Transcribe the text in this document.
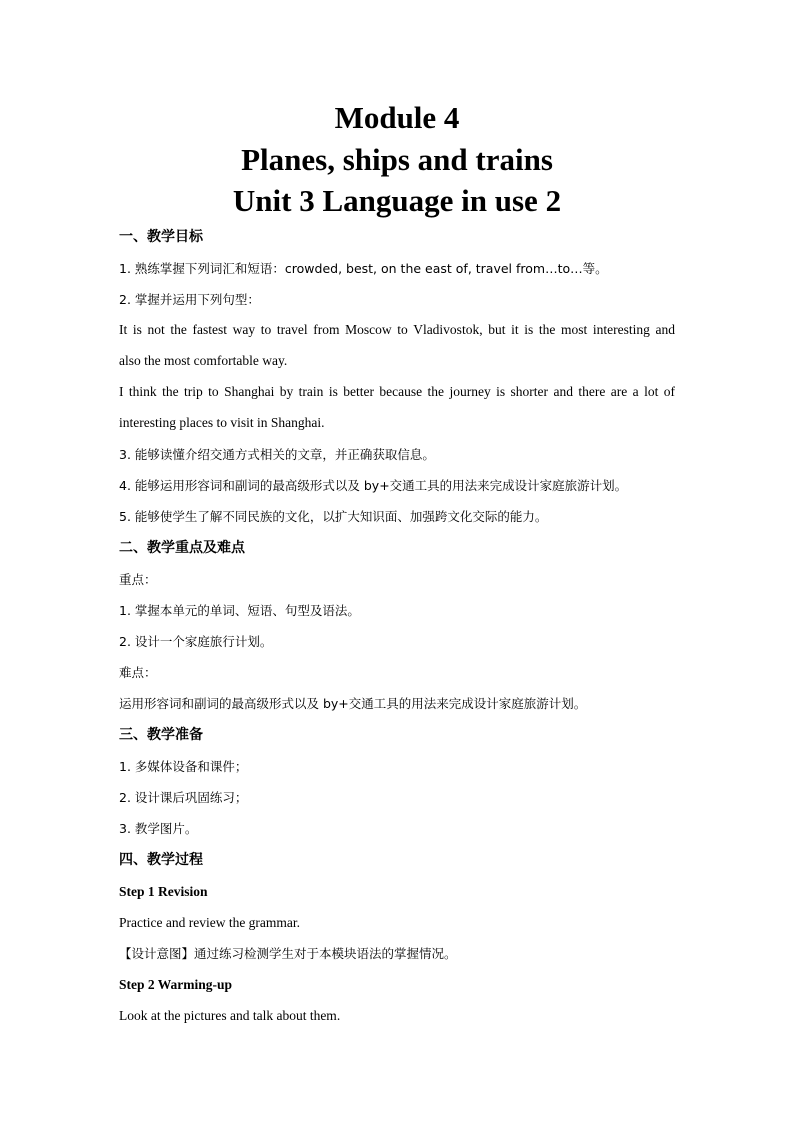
Module 4
Planes, ships and trains
Unit 3 Language in use 2
一、教学目标
1. 熟练掌握下列词汇和短语：crowded, best, on the east of, travel from…to…等。
2. 掌握并运用下列句型：
It is not the fastest way to travel from Moscow to Vladivostok, but it is the most interesting and
also the most comfortable way.
I think the trip to Shanghai by train is better because the journey is shorter and there are a lot of
interesting places to visit in Shanghai.
3. 能够读懂介绍交通方式相关的文章，并正确获取信息。
4. 能够运用形容词和副词的最高级形式以及 by+交通工具的用法来完成设计家庭旅游计划。
5. 能够使学生了解不同民族的文化，以扩大知识面、加强跨文化交际的能力。
二、教学重点及难点
重点：
1. 掌握本单元的单词、短语、句型及语法。
2. 设计一个家庭旅行计划。
难点：
运用形容词和副词的最高级形式以及 by+交通工具的用法来完成设计家庭旅游计划。
三、教学准备
1. 多媒体设备和课件；
2. 设计课后巩固练习；
3. 教学图片。
四、教学过程
Step 1 Revision
Practice and review the grammar.
【设计意图】通过练习检测学生对于本模块语法的掌握情况。
Step 2 Warming-up
Look at the pictures and talk about them.
